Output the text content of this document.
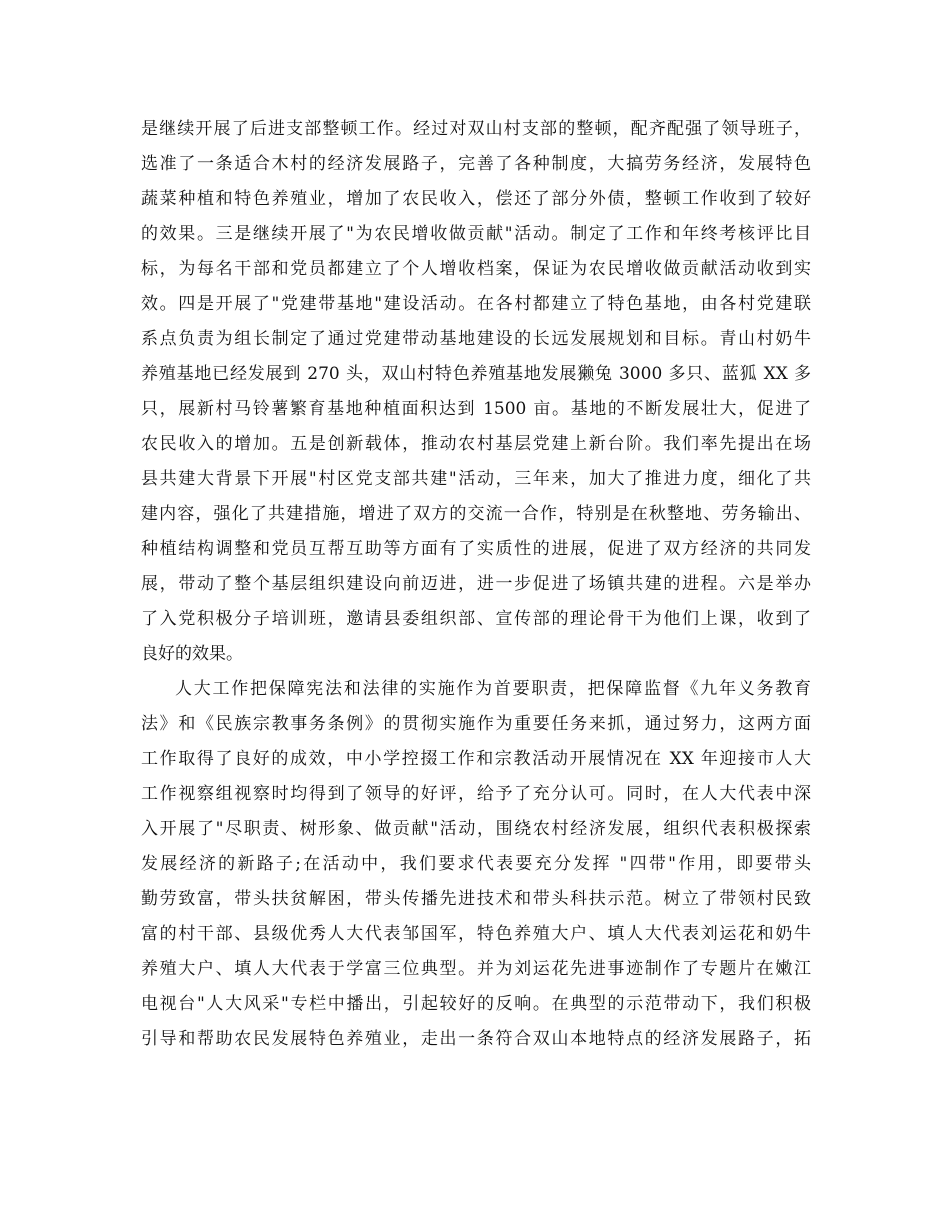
是继续开展了后进支部整顿工作。经过对双山村支部的整顿，配齐配强了领导班子，
选准了一条适合木村的经济发展路子，完善了各种制度，大搞劳务经济，发展特色
蔬菜种植和特色养殖业，增加了农民收入，偿还了部分外债，整顿工作收到了较好
的效果。三是继续开展了"为农民增收做贡献"活动。制定了工作和年终考核评比目
标，为每名干部和党员都建立了个人增收档案，保证为农民增收做贡献活动收到实
效。四是开展了"党建带基地"建设活动。在各村都建立了特色基地，由各村党建联
系点负责为组长制定了通过党建带动基地建设的长远发展规划和目标。青山村奶牛
养殖基地已经发展到 270 头，双山村特色养殖基地发展獭兔 3000 多只、蓝狐 XX 多
只，展新村马铃薯繁育基地种植面积达到 1500 亩。基地的不断发展壮大，促进了
农民收入的增加。五是创新载体，推动农村基层党建上新台阶。我们率先提出在场
县共建大背景下开展"村区党支部共建"活动，三年来，加大了推进力度，细化了共
建内容，强化了共建措施，增进了双方的交流一合作，特别是在秋整地、劳务输出、
种植结构调整和党员互帮互助等方面有了实质性的进展，促进了双方经济的共同发
展，带动了整个基层组织建设向前迈进，进一步促进了场镇共建的进程。六是举办
了入党积极分子培训班，邀请县委组织部、宣传部的理论骨干为他们上课，收到了
良好的效果。
人大工作把保障宪法和法律的实施作为首要职责，把保障监督《九年义务教育
法》和《民族宗教事务条例》的贯彻实施作为重要任务来抓，通过努力，这两方面
工作取得了良好的成效，中小学控掇工作和宗教活动开展情况在 XX 年迎接市人大
工作视察组视察时均得到了领导的好评，给予了充分认可。同时，在人大代表中深
入开展了"尽职责、树形象、做贡献"活动，围绕农村经济发展，组织代表积极探索
发展经济的新路子;在活动中，我们要求代表要充分发挥 "四带"作用，即要带头
勤劳致富，带头扶贫解困，带头传播先进技术和带头科扶示范。树立了带领村民致
富的村干部、县级优秀人大代表邹国军，特色养殖大户、填人大代表刘运花和奶牛
养殖大户、填人大代表于学富三位典型。并为刘运花先进事迹制作了专题片在嫩江
电视台"人大风采"专栏中播出，引起较好的反响。在典型的示范带动下，我们积极
引导和帮助农民发展特色养殖业，走出一条符合双山本地特点的经济发展路子，拓
